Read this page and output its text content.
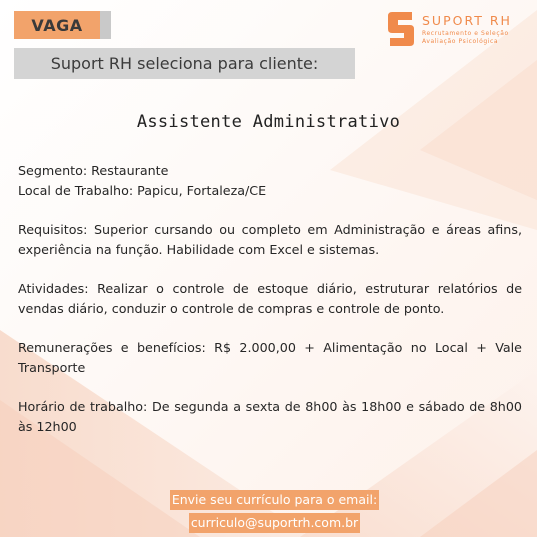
VAGA
Suport RH seleciona para cliente:
SUPORT RH
Recrutamento e Seleção
Avaliação Psicológica
Assistente Administrativo

Segmento: Restaurante

Local de Trabalho: Papicu, Fortaleza/CE

Requisitos: Superior cursando ou completo em Administração e áreas afins, experiência na função. Habilidade com Excel e sistemas.

Atividades: Realizar o controle de estoque diário, estruturar relatórios de vendas diário, conduzir o controle de compras e controle de ponto.

Remunerações e benefícios: R$ 2.000,00 + Alimentação no Local + Vale Transporte

Horário de trabalho: De segunda a sexta de 8h00 às 18h00 e sábado de 8h00 às 12h00

Envie seu currículo para o email:
curriculo@suportrh.com.br
